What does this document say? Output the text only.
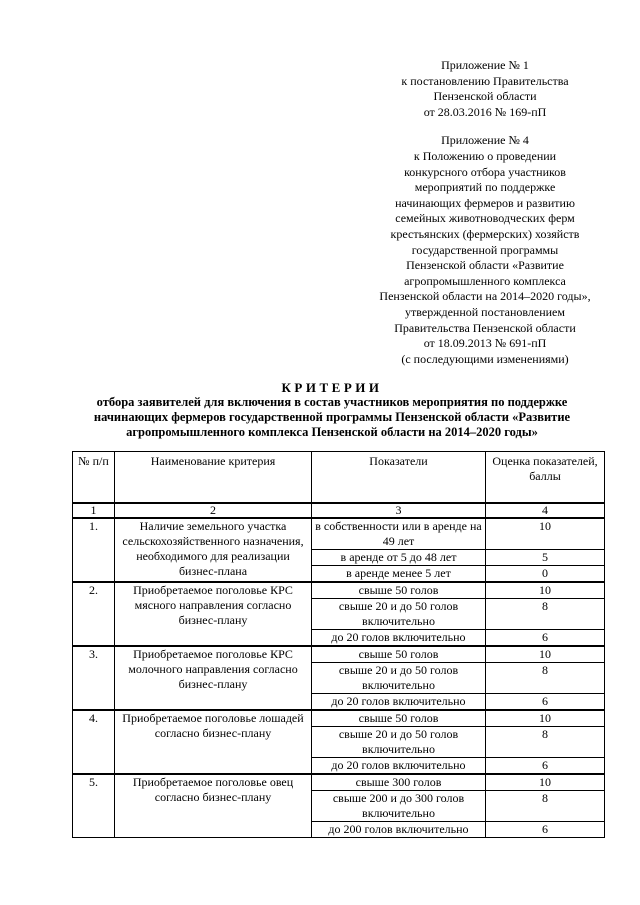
Приложение № 1
к постановлению Правительства
Пензенской области
от 28.03.2016 № 169-пП
Приложение № 4
к Положению о проведении
конкурсного отбора участников
мероприятий по поддержке
начинающих фермеров и развитию
семейных животноводческих ферм
крестьянских (фермерских) хозяйств
государственной программы
Пензенской области «Развитие
агропромышленного комплекса
Пензенской области на 2014–2020 годы»,
утвержденной постановлением
Правительства Пензенской области
от 18.09.2013 № 691-пП
(с последующими изменениями)
КРИТЕРИИ
отбора заявителей для включения в состав участников мероприятия по поддержке
начинающих фермеров государственной программы Пензенской области «Развитие
агропромышленного комплекса Пензенской области на 2014–2020 годы»
№ п/п	Наименование критерия	Показатели	Оценка показателей, баллы
1	2	3	4
1.	Наличие земельного участка сельскохозяйственного назначения, необходимого для реализации бизнес-плана	в собственности или в аренде на 49 лет	10
		в аренде от 5 до 48 лет	5
		в аренде менее 5 лет	0
2.	Приобретаемое поголовье КРС мясного направления согласно бизнес-плану	свыше 50 голов	10
		свыше 20 и до 50 голов включительно	8
		до 20 голов включительно	6
3.	Приобретаемое поголовье КРС молочного направления согласно бизнес-плану	свыше 50 голов	10
		свыше 20 и до 50 голов включительно	8
		до 20 голов включительно	6
4.	Приобретаемое поголовье лошадей согласно бизнес-плану	свыше 50 голов	10
		свыше 20 и до 50 голов включительно	8
		до 20 голов включительно	6
5.	Приобретаемое поголовье овец согласно бизнес-плану	свыше 300 голов	10
		свыше 200 и до 300 голов включительно	8
		до 200 голов включительно	6
